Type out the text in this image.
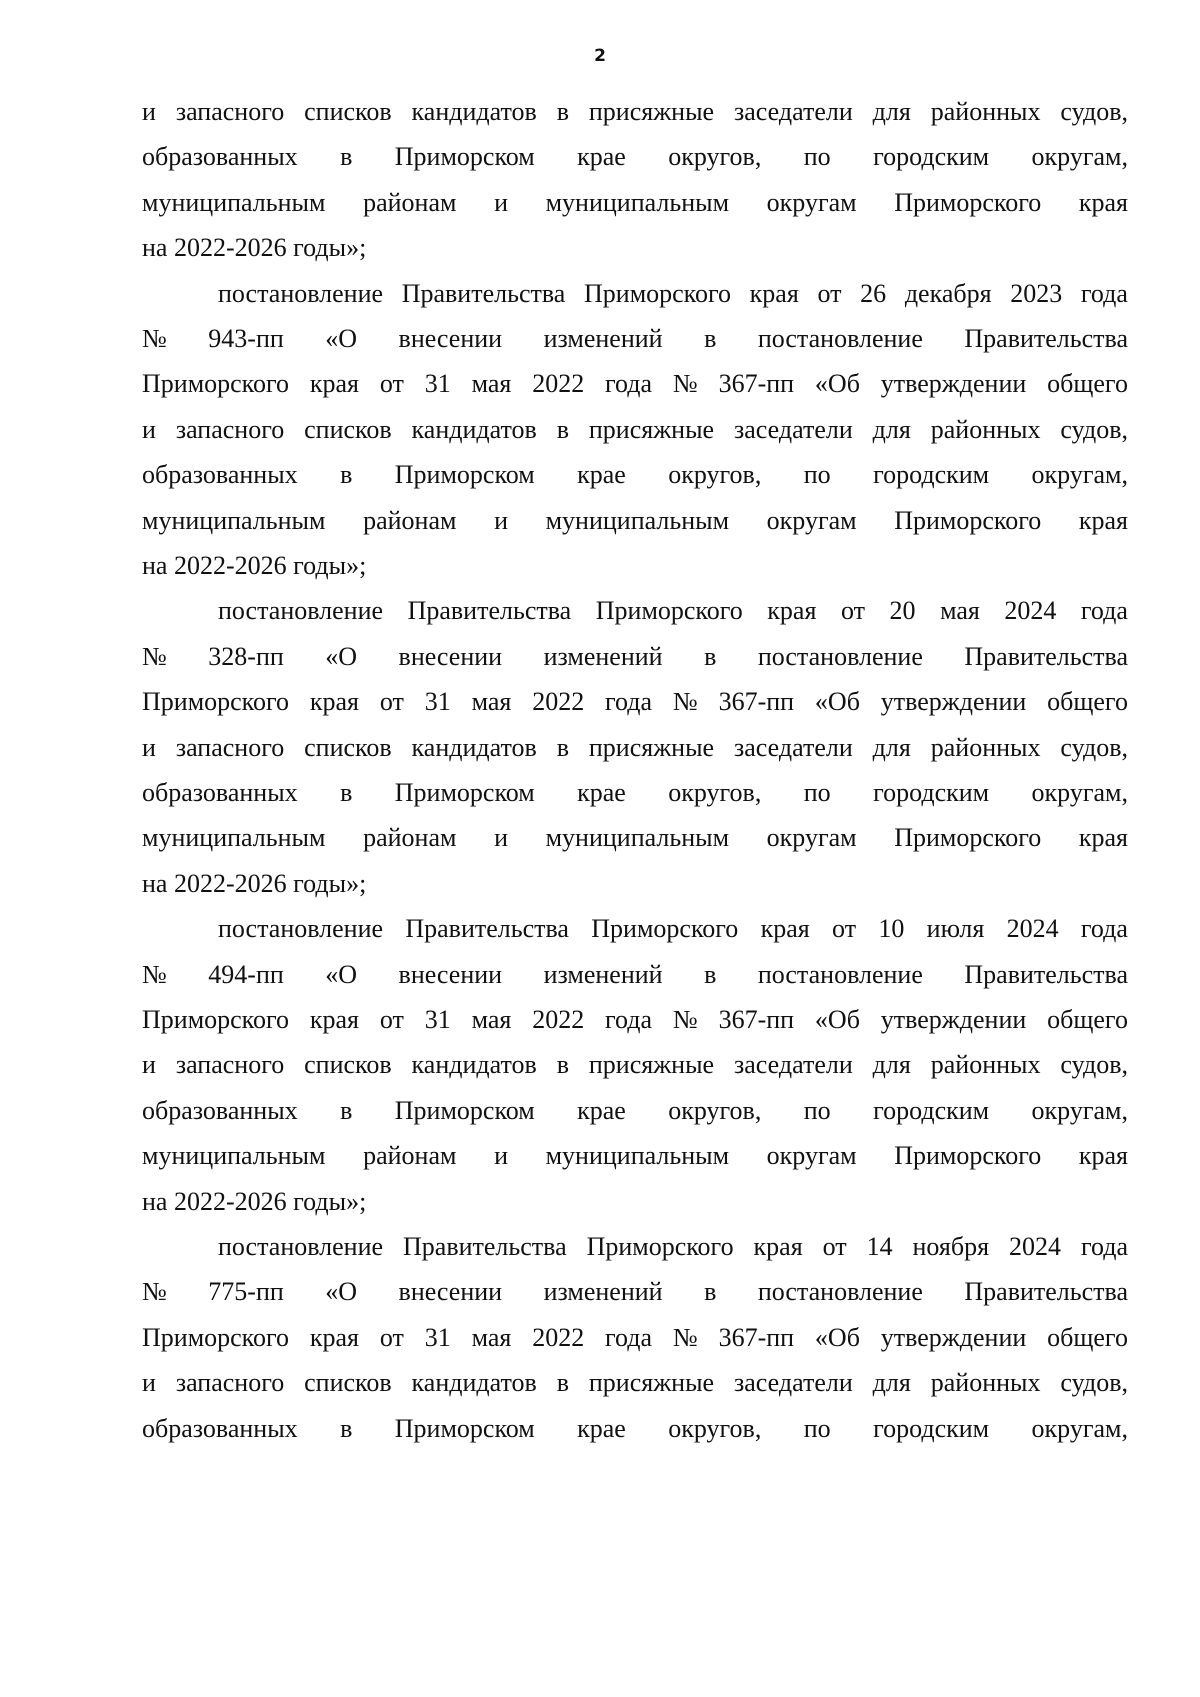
2
и запасного списков кандидатов в присяжные заседатели для районных судов,
образованных в Приморском крае округов, по городским округам,
муниципальным районам и муниципальным округам Приморского края
на 2022-2026 годы»;
постановление Правительства Приморского края от 26 декабря 2023 года
№ 943-пп «О внесении изменений в постановление Правительства
Приморского края от 31 мая 2022 года № 367-пп «Об утверждении общего
и запасного списков кандидатов в присяжные заседатели для районных судов,
образованных в Приморском крае округов, по городским округам,
муниципальным районам и муниципальным округам Приморского края
на 2022-2026 годы»;
постановление Правительства Приморского края от 20 мая 2024 года
№ 328-пп «О внесении изменений в постановление Правительства
Приморского края от 31 мая 2022 года № 367-пп «Об утверждении общего
и запасного списков кандидатов в присяжные заседатели для районных судов,
образованных в Приморском крае округов, по городским округам,
муниципальным районам и муниципальным округам Приморского края
на 2022-2026 годы»;
постановление Правительства Приморского края от 10 июля 2024 года
№ 494-пп «О внесении изменений в постановление Правительства
Приморского края от 31 мая 2022 года № 367-пп «Об утверждении общего
и запасного списков кандидатов в присяжные заседатели для районных судов,
образованных в Приморском крае округов, по городским округам,
муниципальным районам и муниципальным округам Приморского края
на 2022-2026 годы»;
постановление Правительства Приморского края от 14 ноября 2024 года
№ 775-пп «О внесении изменений в постановление Правительства
Приморского края от 31 мая 2022 года № 367-пп «Об утверждении общего
и запасного списков кандидатов в присяжные заседатели для районных судов,
образованных в Приморском крае округов, по городским округам,
